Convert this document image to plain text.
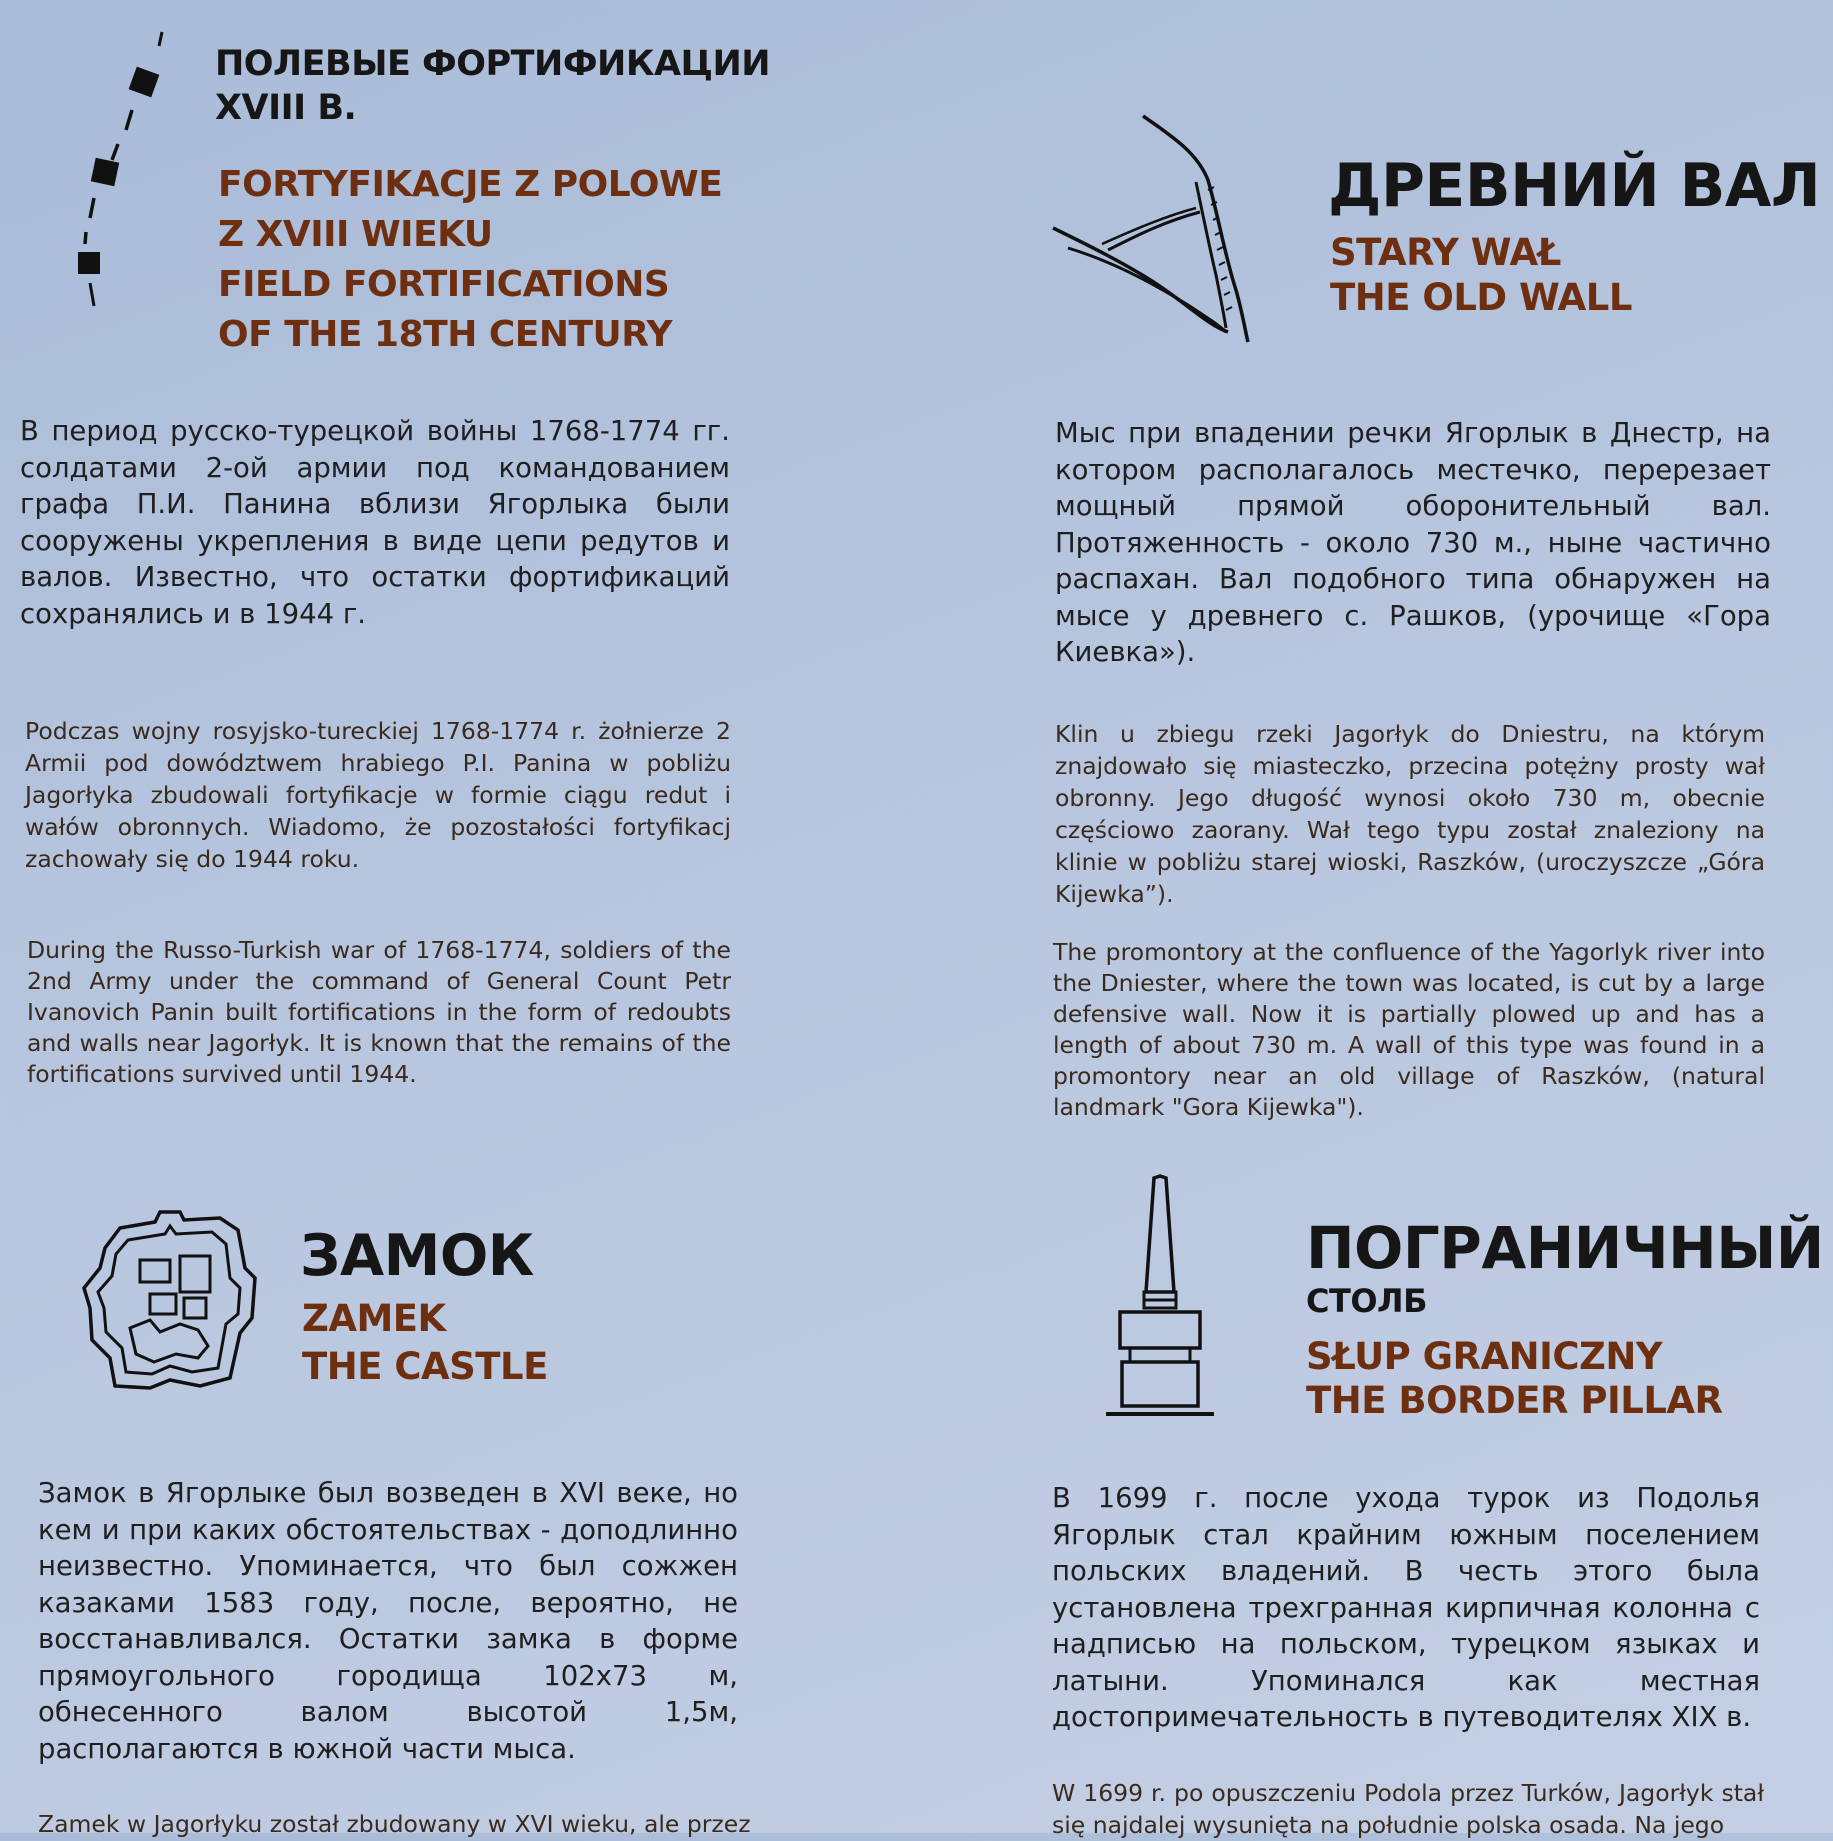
ПОЛЕВЫЕ ФОРТИФИКАЦИИ
XVIII В.
FORTYFIKACJE Z POLOWE
Z XVIII WIEKU
FIELD FORTIFICATIONS
OF THE 18TH CENTURY
В период русско-турецкой войны 1768-1774 гг. солдатами 2-ой армии под командованием графа П.И. Панина вблизи Ягорлыка были сооружены укрепления в виде цепи редутов и валов. Известно, что остатки фортификаций сохранялись и в 1944 г.
Podczas wojny rosyjsko-tureckiej 1768-1774 r. żołnierze 2 Armii pod dowództwem hrabiego P.I. Panina w pobliżu Jagorłyka zbudowali fortyfikacje w formie ciągu redut i wałów obronnych. Wiadomo, że pozostałości fortyfikacj zachowały się do 1944 roku.
During the Russo-Turkish war of 1768-1774, soldiers of the 2nd Army under the command of General Count Petr Ivanovich Panin built fortifications in the form of redoubts and walls near Jagorłyk. It is known that the remains of the fortifications survived until 1944.
ДРЕВНИЙ ВАЛ
STARY WAŁ
THE OLD WALL
Мыс при впадении речки Ягорлык в Днестр, на котором располагалось местечко, перерезает мощный прямой оборонительный вал. Протяженность - около 730 м., ныне частично распахан. Вал подобного типа обнаружен на мысе у древнего с. Рашков, (урочище «Гора Киевка»).
Klin u zbiegu rzeki Jagorłyk do Dniestru, na którym znajdowało się miasteczko, przecina potężny prosty wał obronny. Jego długość wynosi około 730 m, obecnie częściowo zaorany. Wał tego typu został znaleziony na klinie w pobliżu starej wioski, Raszków, (uroczyszcze „Góra Kijewka”).
The promontory at the confluence of the Yagorlyk river into the Dniester, where the town was located, is cut by a large defensive wall. Now it is partially plowed up and has a length of about 730 m. A wall of this type was found in a promontory near an old village of Raszków, (natural landmark "Gora Kijewka").
ЗАМОК
ZAMEK
THE CASTLE
Замок в Ягорлыке был возведен в XVI веке, но кем и при каких обстоятельствах - доподлинно неизвестно. Упоминается, что был сожжен казаками 1583 году, после, вероятно, не восстанавливался. Остатки замка в форме прямоугольного городища 102х73 м, обнесенного валом высотой 1,5м, располагаются в южной части мыса.
Zamek w Jagorłyku został zbudowany w XVI wieku, ale przez
ПОГРАНИЧНЫЙ
СТОЛБ
SŁUP GRANICZNY
THE BORDER PILLAR
В 1699 г. после ухода турок из Подолья Ягорлык стал крайним южным поселением польских владений. В честь этого была установлена трехгранная кирпичная колонна с надписью на польском, турецком языках и латыни. Упоминался как местная достопримечательность в путеводителях XIX в.
W 1699 r. po opuszczeniu Podola przez Turków, Jagorłyk stał się najdalej wysunięta na południe polska osada. Na jego
